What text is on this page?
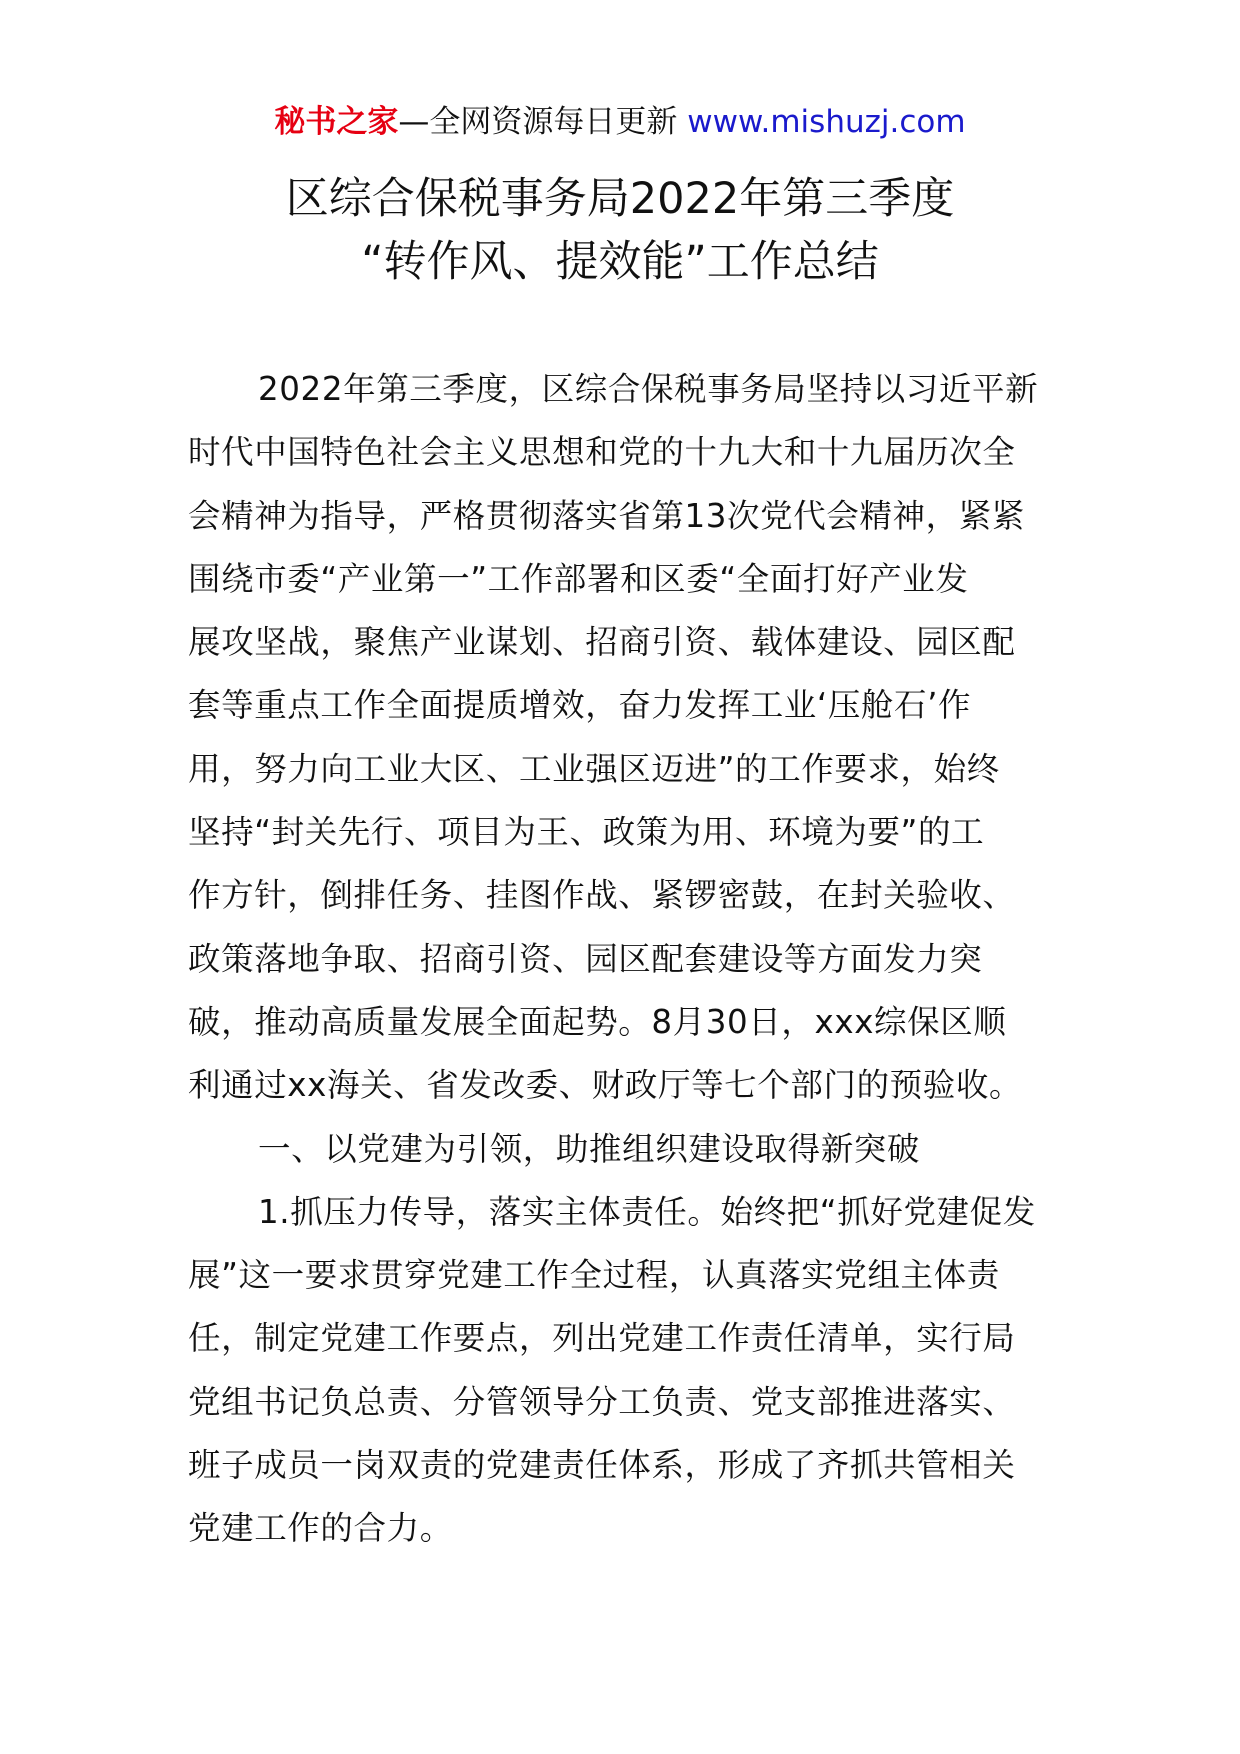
秘书之家—全网资源每日更新 www.mishuzj.com
区综合保税事务局2022年第三季度
“转作风、提效能”工作总结
2022年第三季度，区综合保税事务局坚持以习近平新
时代中国特色社会主义思想和党的十九大和十九届历次全
会精神为指导，严格贯彻落实省第13次党代会精神，紧紧
围绕市委“产业第一”工作部署和区委“全面打好产业发
展攻坚战，聚焦产业谋划、招商引资、载体建设、园区配
套等重点工作全面提质增效，奋力发挥工业‘压舱石’作
用，努力向工业大区、工业强区迈进”的工作要求，始终
坚持“封关先行、项目为王、政策为用、环境为要”的工
作方针，倒排任务、挂图作战、紧锣密鼓，在封关验收、
政策落地争取、招商引资、园区配套建设等方面发力突
破，推动高质量发展全面起势。8月30日，xxx综保区顺
利通过xx海关、省发改委、财政厅等七个部门的预验收。
一、以党建为引领，助推组织建设取得新突破
1.抓压力传导，落实主体责任。始终把“抓好党建促发
展”这一要求贯穿党建工作全过程，认真落实党组主体责
任，制定党建工作要点，列出党建工作责任清单，实行局
党组书记负总责、分管领导分工负责、党支部推进落实、
班子成员一岗双责的党建责任体系，形成了齐抓共管相关
党建工作的合力。
